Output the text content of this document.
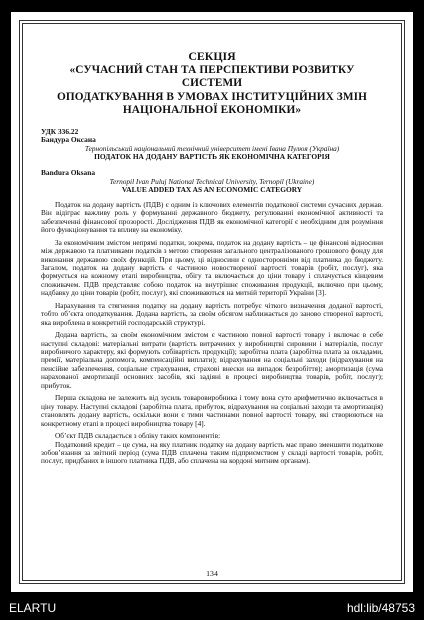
СЕКЦІЯ
«СУЧАСНИЙ СТАН ТА ПЕРСПЕКТИВИ РОЗВИТКУ СИСТЕМИ
ОПОДАТКУВАННЯ В УМОВАХ ІНСТИТУЦІЙНИХ ЗМІН
НАЦІОНАЛЬНОЇ ЕКОНОМІКИ»
УДК 336.22
Бандура Оксана
Тернопільський національний технічний університет імені Івана Пулюя (Україна)
ПОДАТОК НА ДОДАНУ ВАРТІСТЬ ЯК ЕКОНОМІЧНА КАТЕГОРІЯ
Bandura Oksana
Ternopil Ivan Puluj National Technical University, Ternopil (Ukraine)
VALUE ADDED TAX AS AN ECONOMIC CATEGORY

Податок на додану вартість (ПДВ) є одним із ключових елементів податкової системи сучасних держав. Він відіграє важливу роль у формуванні державного бюджету, регулюванні економічної активності та забезпеченні фінансової прозорості. Дослідження ПДВ як економічної категорії є необхідним для розуміння його функціонування та впливу на економіку.

За економічним змістом непрямі податки, зокрема, податок на додану вартість – це фінансові відносини між державою та платниками податків з метою створення загального централізованого грошового фонду для виконання державою своїх функцій. При цьому, ці відносини є односторонніми від платника до бюджету. Загалом, податок на додану вартість є частиною новоствореної вартості товарів (робіт, послуг), яка формується на кожному етапі виробництва, обігу та включається до ціни товару і сплачується кінцевим споживачем. ПДВ представляє собою податок на внутрішнє споживання продукції, включно при цьому, надбавку до ціни товарів (робіт, послуг), які споживаються на митній території України [3].

Нарахування та стягнення податку на додану вартість потребує чіткого визначення доданої вартості, тобто об’єкта оподаткування. Додана вартість, за своїм обсягом наближається до заново створеної вартості, яка вироблена в конкретній господарській структурі.

Додана вартість, за своїм економічним змістом є частиною повної вартості товару і включає в себе наступні складові: матеріальні витрати (вартість витрачених у виробництві сировини і матеріалів, послуг виробничого характеру, які формують собівартість продукції); заробітна плата (заробітна плата за окладами, премії, матеріальна допомога, компенсаційні виплати); відрахування на соціальні заходи (відрахування на пенсійне забезпечення, соціальне страхування, страхові внески на випадок безробіття); амортизація (сума нарахованої амортизації основних засобів, які задіяні в процесі виробництва товарів, робіт, послуг); прибуток.

Перша складова не залежить від зусиль товаровиробника і тому вона суто арифметично включається в ціну товару. Наступні складові (заробітна плата, прибуток, відрахування на соціальні заходи та амортизація) становлять додану вартість, оскільки вони є тими частинами повної вартості товару, які створюються на конкретному етапі в процесі виробництва товару [4].

Об’єкт ПДВ складається з обліку таких компонентів:

Податковий кредит – це сума, на яку платник податку на додану вартість має право зменшити податкове зобов’язання за звітний період (сума ПДВ сплачена таким підприємством у складі вартості товарів, робіт, послуг, придбаних в іншого платника ПДВ, або сплачена на кордоні митним органам).

134
ELARTU	hdl:lib/48753
